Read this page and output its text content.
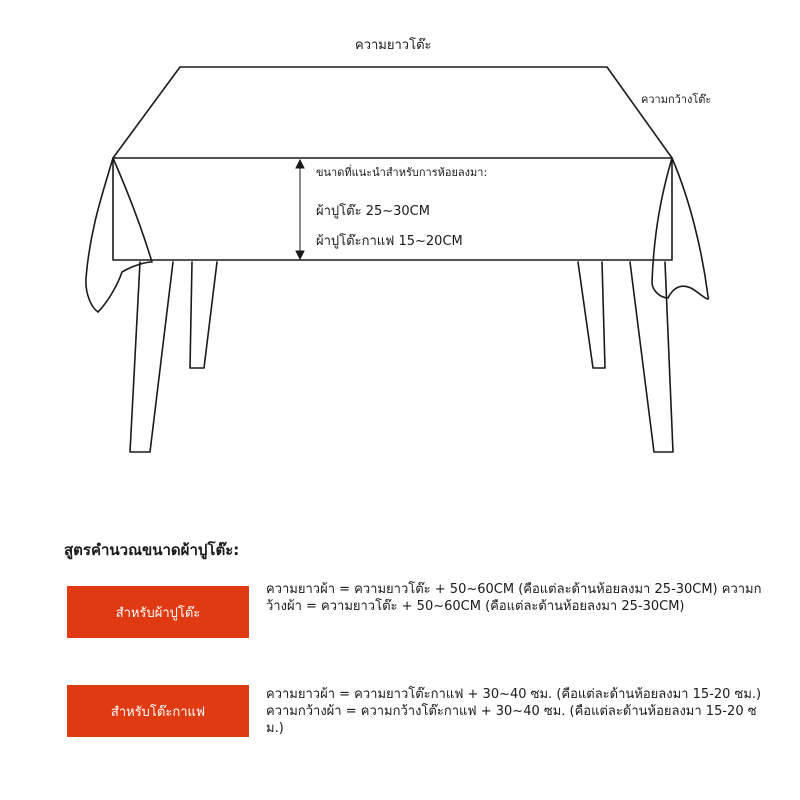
ความยาวโต๊ะ
ความกว้างโต๊ะ
ขนาดที่แนะนำสำหรับการห้อยลงมา:
ผ้าปูโต๊ะ 25~30CM
ผ้าปูโต๊ะกาแฟ 15~20CM
สูตรคำนวณขนาดผ้าปูโต๊ะ:
สำหรับผ้าปูโต๊ะ
ความยาวผ้า = ความยาวโต๊ะ + 50~60CM (คือแต่ละด้านห้อยลงมา 25-30CM) ความกว้างผ้า = ความยาวโต๊ะ + 50~60CM (คือแต่ละด้านห้อยลงมา 25-30CM)
สำหรับโต๊ะกาแฟ
ความยาวผ้า = ความยาวโต๊ะกาแฟ + 30~40 ซม. (คือแต่ละด้านห้อยลงมา 15-20 ซม.) ความกว้างผ้า = ความกว้างโต๊ะกาแฟ + 30~40 ซม. (คือแต่ละด้านห้อยลงมา 15-20 ซม.)
